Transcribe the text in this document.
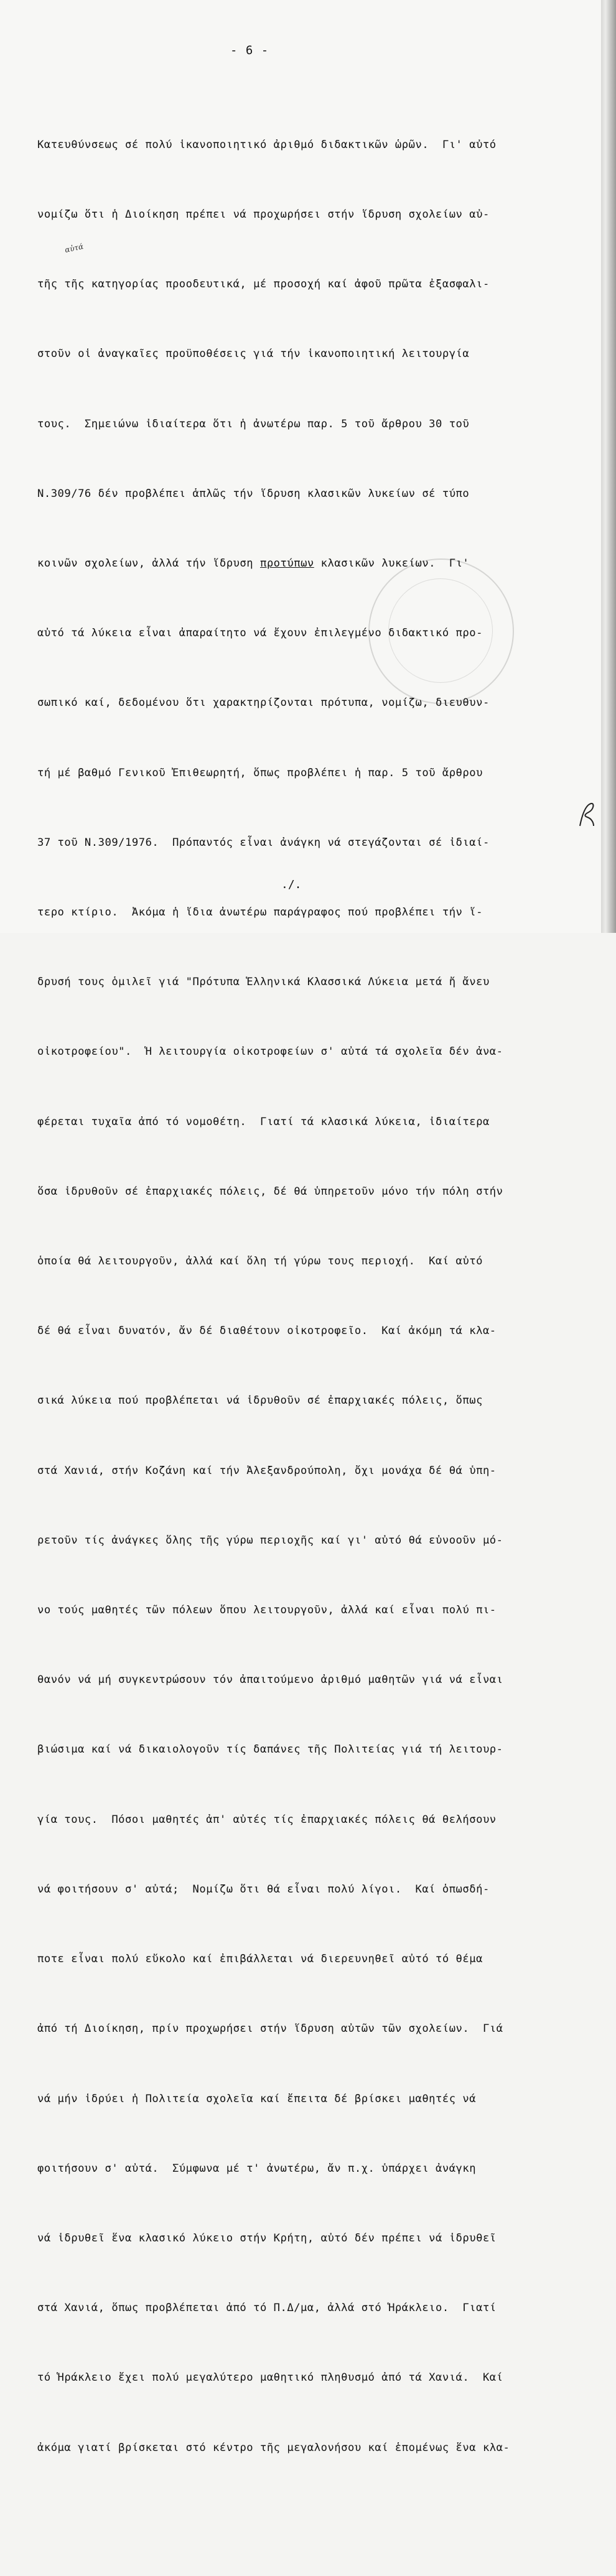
- 6 -

Κατευθύνσεως σέ πολύ ἱκανοποιητικό ἀριθμό διδακτικῶν ὡρῶν.  Γι' αὐτό

νομίζω ὅτι ἡ Διοίκηση πρέπει νά προχωρήσει στήν ἵδρυση σχολείων αὐ-

τῆς τῆς κατηγορίας προοδευτικά, μέ προσοχή καί ἀφοῦ πρῶτα ἐξασφαλι-

στοῦν οἱ ἀναγκαῖες προϋποθέσεις γιά τήν ἱκανοποιητική λειτουργία

τους.  Σημειώνω ἰδιαίτερα ὅτι ἡ ἀνωτέρω παρ. 5 τοῦ ἄρθρου 30 τοῦ

Ν.309/76 δέν προβλέπει ἁπλῶς τήν ἵδρυση κλασικῶν λυκείων σέ τύπο

κοινῶν σχολείων, ἀλλά τήν ἵδρυση προτύπων κλασικῶν λυκείων.  Γι'

αὐτό τά λύκεια εἶναι ἀπαραίτητο νά ἔχουν ἐπιλεγμένο διδακτικό προ-

σωπικό καί, δεδομένου ὅτι χαρακτηρίζονται πρότυπα, νομίζω, διευθυν-

τή μέ βαθμό Γενικοῦ Ἐπιθεωρητή, ὅπως προβλέπει ἡ παρ. 5 τοῦ ἄρθρου

37 τοῦ Ν.309/1976.  Πρόπαντός εἶναι ἀνάγκη νά στεγάζονται σέ ἰδιαί-

τερο κτίριο.  Ἀκόμα ἡ ἴδια ἀνωτέρω παράγραφος πού προβλέπει τήν ἵ-

δρυσή τους ὁμιλεῖ γιά "Πρότυπα Ἑλληνικά Κλασσικά Λύκεια μετά ἤ ἄνευ

οἰκοτροφείου".  Ἡ λειτουργία οἰκοτροφείων σ' αὐτά τά σχολεῖα δέν ἀνα-

φέρεται τυχαῖα ἀπό τό νομοθέτη.  Γιατί τά κλασικά λύκεια, ἰδιαίτερα

ὅσα ἱδρυθοῦν σέ ἐπαρχιακές πόλεις, δέ θά ὑπηρετοῦν μόνο τήν πόλη στήν

ὁποία θά λειτουργοῦν, ἀλλά καί ὅλη τή γύρω τους περιοχή.  Καί αὐτό

δέ θά εἶναι δυνατόν, ἄν δέ διαθέτουν οἰκοτροφεῖο.  Καί ἀκόμη τά κλα-

σικά λύκεια πού προβλέπεται νά ἱδρυθοῦν σέ ἐπαρχιακές πόλεις, ὅπως

στά Χανιά, στήν Κοζάνη καί τήν Ἀλεξανδρούπολη, ὄχι μονάχα δέ θά ὑπη-

ρετοῦν τίς ἀνάγκες ὅλης τῆς γύρω περιοχῆς καί γι' αὐτό θά εὐνοοῦν μό-

νο τούς μαθητές τῶν πόλεων ὅπου λειτουργοῦν, ἀλλά καί εἶναι πολύ πι-

θανόν νά μή συγκεντρώσουν τόν ἀπαιτούμενο ἀριθμό μαθητῶν γιά νά εἶναι

βιώσιμα καί νά δικαιολογοῦν τίς δαπάνες τῆς Πολιτείας γιά τή λειτουρ-

γία τους.  Πόσοι μαθητές ἀπ' αὐτές τίς ἐπαρχιακές πόλεις θά θελήσουν

νά φοιτήσουν σ' αὐτά;  Νομίζω ὅτι θά εἶναι πολύ λίγοι.  Καί ὁπωσδή-

ποτε εἶναι πολύ εὔκολο καί ἐπιβάλλεται νά διερευνηθεῖ αὐτό τό θέμα

ἀπό τή Διοίκηση, πρίν προχωρήσει στήν ἵδρυση αὐτῶν τῶν σχολείων.  Γιά

νά μήν ἱδρύει ἡ Πολιτεία σχολεῖα καί ἔπειτα δέ βρίσκει μαθητές νά

φοιτήσουν σ' αὐτά.  Σύμφωνα μέ τ' ἀνωτέρω, ἄν π.χ. ὑπάρχει ἀνάγκη

νά ἱδρυθεῖ ἕνα κλασικό λύκειο στήν Κρήτη, αὐτό δέν πρέπει νά ἱδρυθεῖ

στά Χανιά, ὅπως προβλέπεται ἀπό τό Π.Δ/μα, ἀλλά στό Ἡράκλειο.  Γιατί

τό Ἡράκλειο ἔχει πολύ μεγαλύτερο μαθητικό πληθυσμό ἀπό τά Χανιά.  Καί

ἀκόμα γιατί βρίσκεται στό κέντρο τῆς μεγαλονήσου καί ἑπομένως ἕνα κλα-

αὐτά
./.
